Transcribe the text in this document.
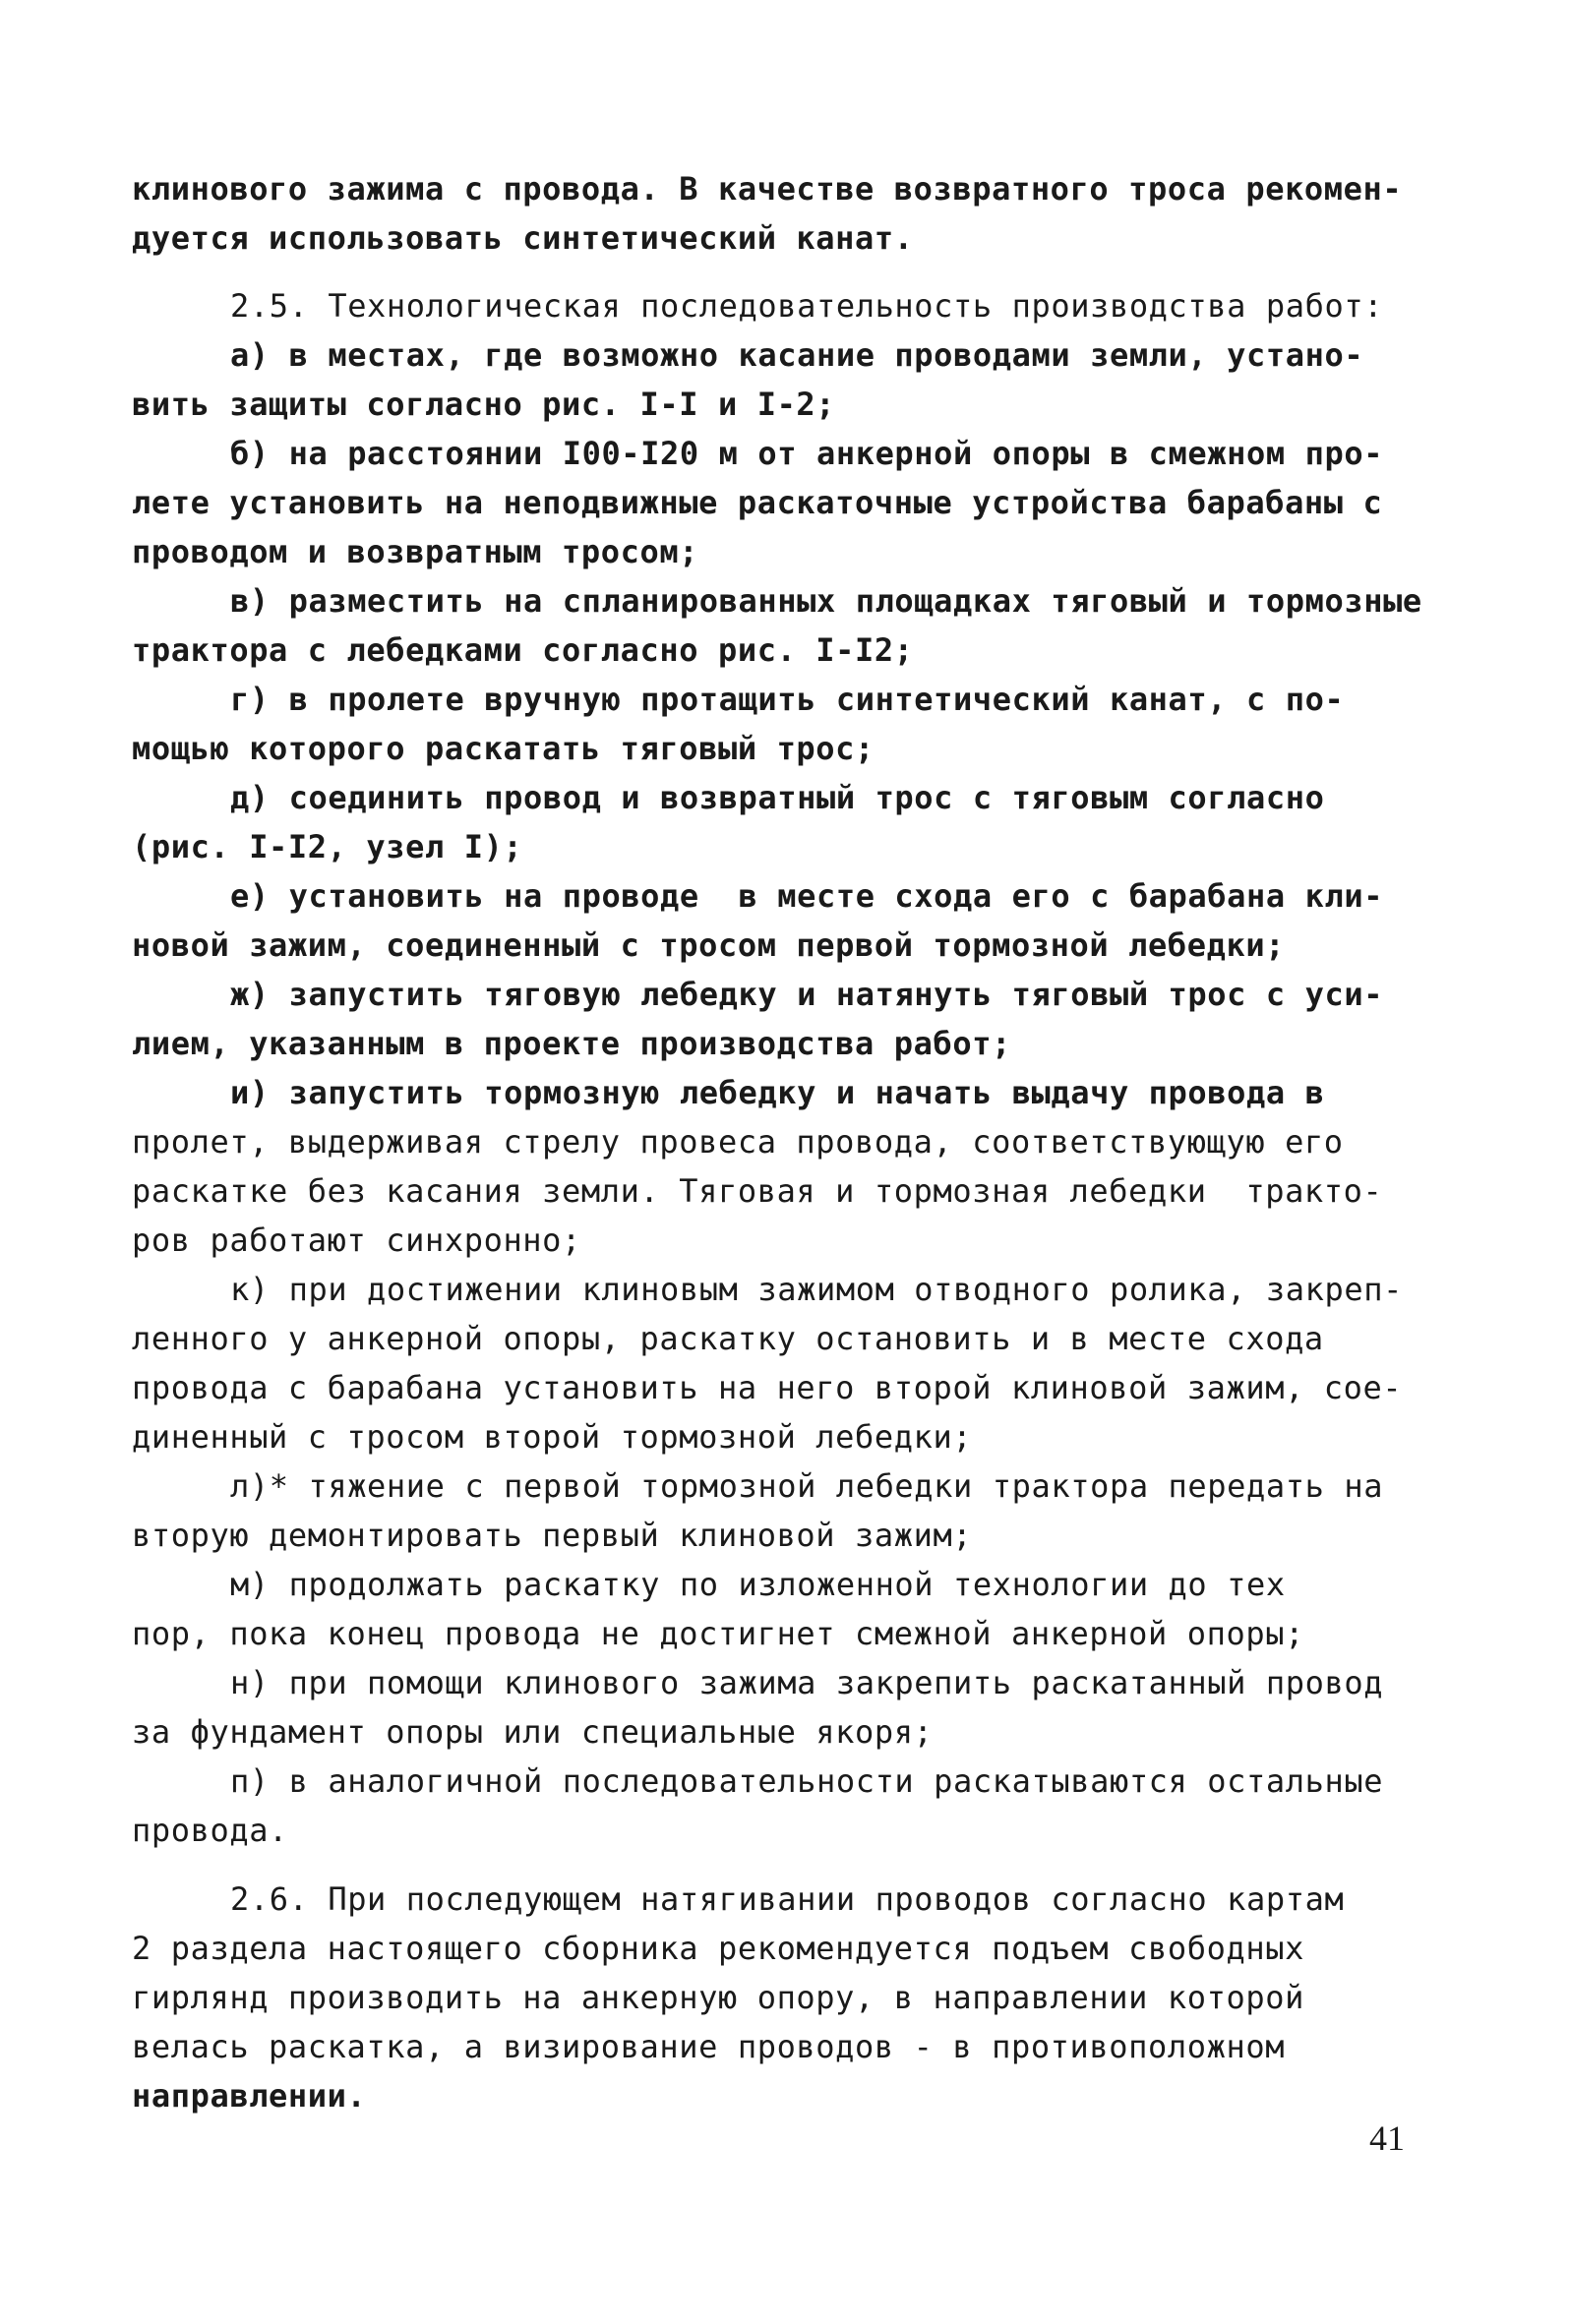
клинового зажима с провода. В качестве возвратного троса рекомен-
дуется использовать синтетический канат.
2.5. Технологическая последовательность производства работ:
а) в местах, где возможно касание проводами земли, устано-
вить защиты согласно рис. I-I и I-2;
б) на расстоянии I00-I20 м от анкерной опоры в смежном про-
лете установить на неподвижные раскаточные устройства барабаны с
проводом и возвратным тросом;
в) разместить на спланированных площадках тяговый и тормозные
трактора с лебедками согласно рис. I-I2;
г) в пролете вручную протащить синтетический канат, с по-
мощью которого раскатать тяговый трос;
д) соединить провод и возвратный трос с тяговым согласно
(рис. I-I2, узел I);
е) установить на проводе  в месте схода его с барабана кли-
новой зажим, соединенный с тросом первой тормозной лебедки;
ж) запустить тяговую лебедку и натянуть тяговый трос с уси-
лием, указанным в проекте производства работ;
и) запустить тормозную лебедку и начать выдачу провода в
пролет, выдерживая стрелу провеса провода, соответствующую его
раскатке без касания земли. Тяговая и тормозная лебедки  тракто-
ров работают синхронно;
к) при достижении клиновым зажимом отводного ролика, закреп-
ленного у анкерной опоры, раскатку остановить и в месте схода
провода с барабана установить на него второй клиновой зажим, сое-
диненный с тросом второй тормозной лебедки;
л)* тяжение с первой тормозной лебедки трактора передать на
вторую демонтировать первый клиновой зажим;
м) продолжать раскатку по изложенной технологии до тех
пор, пока конец провода не достигнет смежной анкерной опоры;
н) при помощи клинового зажима закрепить раскатанный провод
за фундамент опоры или специальные якоря;
п) в аналогичной последовательности раскатываются остальные
провода.
2.6. При последующем натягивании проводов согласно картам
2 раздела настоящего сборника рекомендуется подъем свободных
гирлянд производить на анкерную опору, в направлении которой
велась раскатка, а визирование проводов - в противоположном
направлении.
41
